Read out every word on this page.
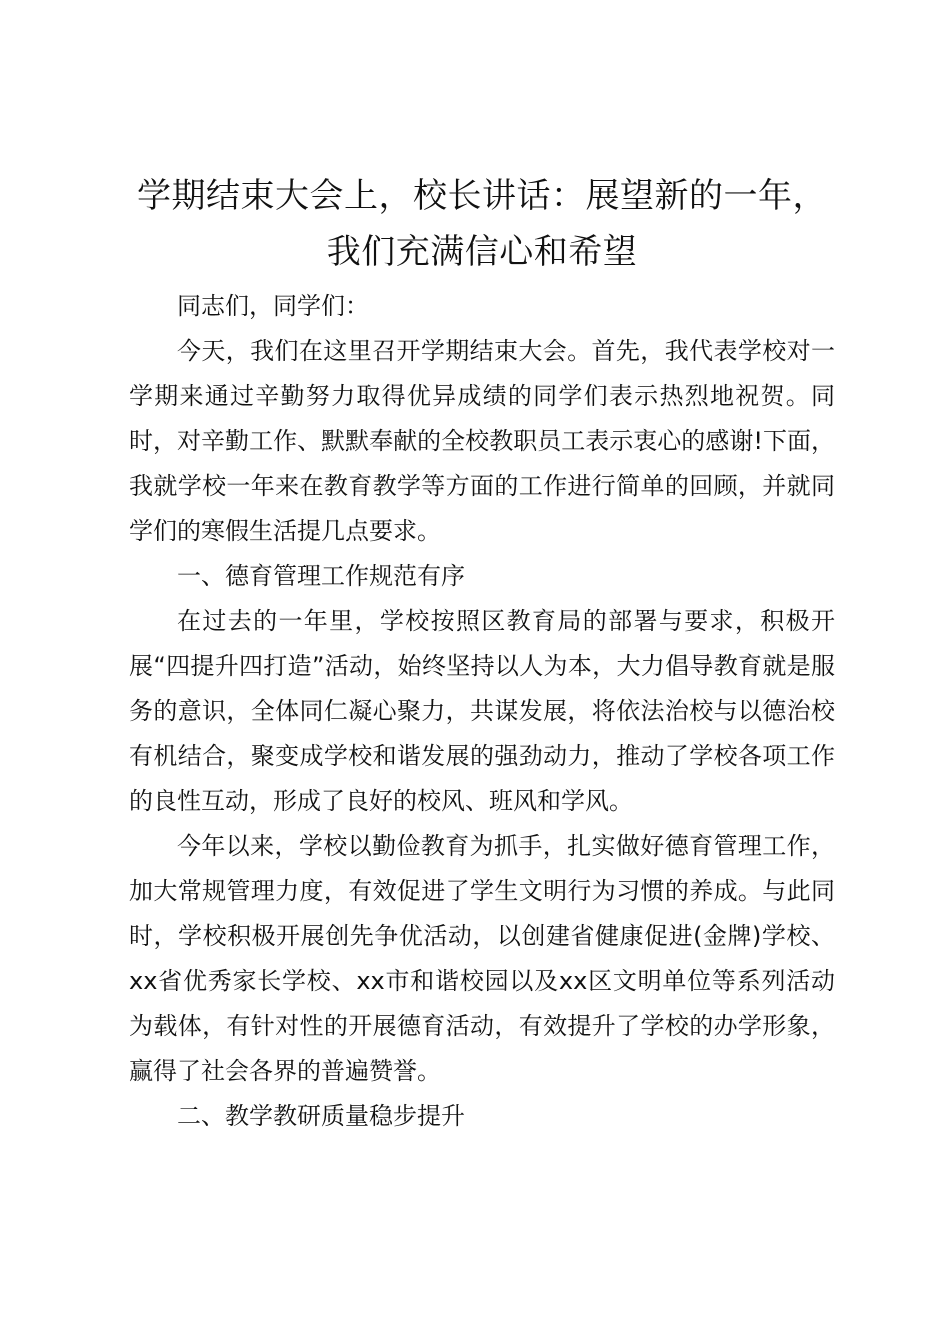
学期结束大会上，校长讲话：展望新的一年，我们充满信心和希望

同志们，同学们：

今天，我们在这里召开学期结束大会。首先，我代表学校对一学期来通过辛勤努力取得优异成绩的同学们表示热烈地祝贺。同时，对辛勤工作、默默奉献的全校教职员工表示衷心的感谢!下面，我就学校一年来在教育教学等方面的工作进行简单的回顾，并就同学们的寒假生活提几点要求。

一、德育管理工作规范有序

在过去的一年里，学校按照区教育局的部署与要求，积极开展“四提升四打造”活动，始终坚持以人为本，大力倡导教育就是服务的意识，全体同仁凝心聚力，共谋发展，将依法治校与以德治校有机结合，聚变成学校和谐发展的强劲动力，推动了学校各项工作的良性互动，形成了良好的校风、班风和学风。

今年以来，学校以勤俭教育为抓手，扎实做好德育管理工作，加大常规管理力度，有效促进了学生文明行为习惯的养成。与此同时，学校积极开展创先争优活动，以创建省健康促进(金牌)学校、xx省优秀家长学校、xx市和谐校园以及xx区文明单位等系列活动为载体，有针对性的开展德育活动，有效提升了学校的办学形象，赢得了社会各界的普遍赞誉。

二、教学教研质量稳步提升
